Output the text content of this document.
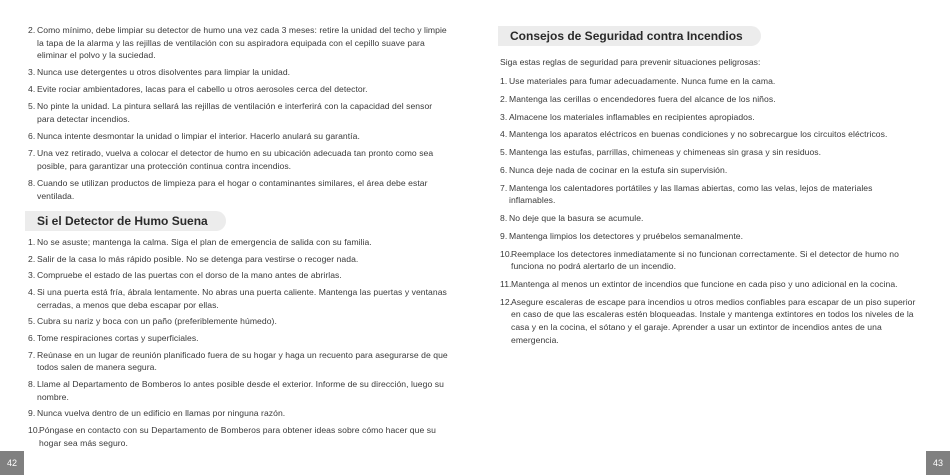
2. Como mínimo, debe limpiar su detector de humo una vez cada 3 meses: retire la unidad del techo y limpie la tapa de la alarma y las rejillas de ventilación con su aspiradora equipada con el cepillo suave para eliminar el polvo y la suciedad.
3. Nunca use detergentes u otros disolventes para limpiar la unidad.
4. Evite rociar ambientadores, lacas para el cabello u otros aerosoles cerca del detector.
5. No pinte la unidad. La pintura sellará las rejillas de ventilación e interferirá con la capacidad del sensor para detectar incendios.
6. Nunca intente desmontar la unidad o limpiar el interior. Hacerlo anulará su garantía.
7. Una vez retirado, vuelva a colocar el detector de humo en su ubicación adecuada tan pronto como sea posible, para garantizar una protección continua contra incendios.
8. Cuando se utilizan productos de limpieza para el hogar o contaminantes similares, el área debe estar ventilada.
Si el Detector de Humo Suena
1. No se asuste; mantenga la calma. Siga el plan de emergencia de salida con su familia.
2. Salir de la casa lo más rápido posible. No se detenga para vestirse o recoger nada.
3. Compruebe el estado de las puertas con el dorso de la mano antes de abrirlas.
4. Si una puerta está fría, ábrala lentamente. No abras una puerta caliente. Mantenga las puertas y ventanas cerradas, a menos que deba escapar por ellas.
5. Cubra su nariz y boca con un paño (preferiblemente húmedo).
6. Tome respiraciones cortas y superficiales.
7. Reúnase en un lugar de reunión planificado fuera de su hogar y haga un recuento para asegurarse de que todos salen de manera segura.
8. Llame al Departamento de Bomberos lo antes posible desde el exterior. Informe de su dirección, luego su nombre.
9. Nunca vuelva dentro de un edificio en llamas por ninguna razón.
10.
Póngase en contacto con su Departamento de Bomberos para obtener ideas sobre cómo hacer que su hogar sea más seguro.
42
Consejos de Seguridad contra Incendios
Siga estas reglas de seguridad para prevenir situaciones peligrosas:
1. Use materiales para fumar adecuadamente. Nunca fume en la cama.
2. Mantenga las cerillas o encendedores fuera del alcance de los niños.
3. Almacene los materiales inflamables en recipientes apropiados.
4. Mantenga los aparatos eléctricos en buenas condiciones y no sobrecargue los circuitos eléctricos.
5. Mantenga las estufas, parrillas, chimeneas y chimeneas sin grasa y sin residuos.
6. Nunca deje nada de cocinar en la estufa sin supervisión.
7. Mantenga los calentadores portátiles y las llamas abiertas, como las velas, lejos de materiales inflamables.
8. No deje que la basura se acumule.
9. Mantenga limpios los detectores y pruébelos semanalmente.
10.
Reemplace los detectores inmediatamente si no funcionan correctamente. Si el detector de humo no funciona no podrá alertarlo de un incendio.
11. Mantenga al menos un extintor de incendios que funcione en cada piso y uno adicional en la cocina.
12.
Asegure escaleras de escape para incendios u otros medios confiables para escapar de un piso superior en caso de que las escaleras estén bloqueadas. Instale y mantenga extintores en todos los niveles de la casa y en la cocina, el sótano y el garaje. Aprender a usar un extintor de incendios antes de una emergencia.
43
